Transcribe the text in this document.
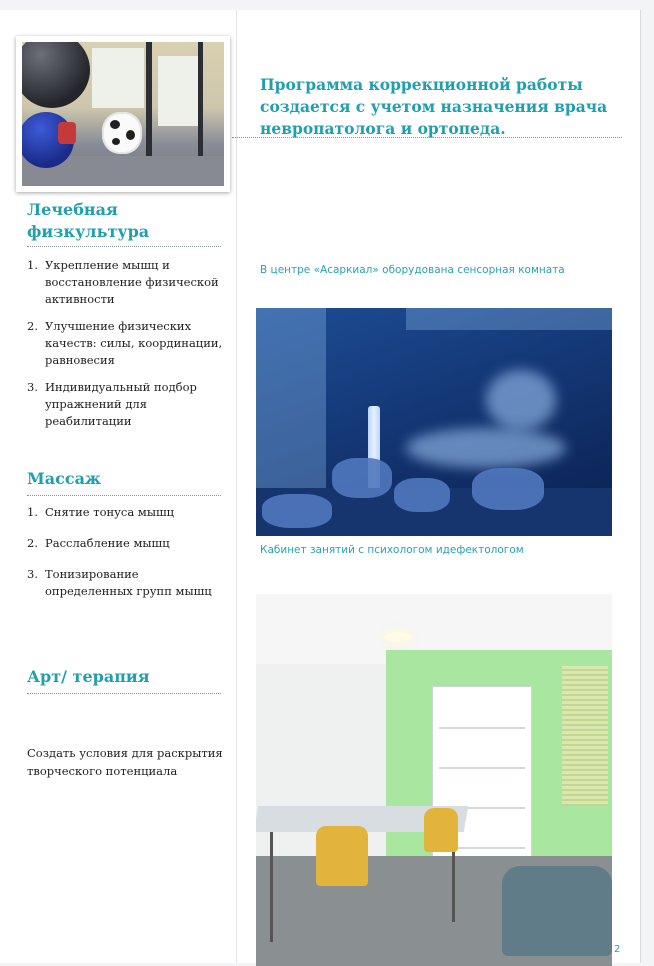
Программа коррекционной работы создается с учетом назначения врача невропатолога и ортопеда.
Лечебная физкультура
1. Укрепление мышц и восстановление физической активности
2. Улучшение физических качеств: силы, координации, равновесия
3. Индивидуальный подбор упражнений для реабилитации
Массаж
1. Снятие тонуса мышц
2. Расслабление мышц
3. Тонизирование определенных групп мышц
Арт/ терапия
Создать условия для раскрытия творческого потенциала
В центре «Асаркиал» оборудована сенсорная комната
Кабинет занятий с психологом идефектологом
2
